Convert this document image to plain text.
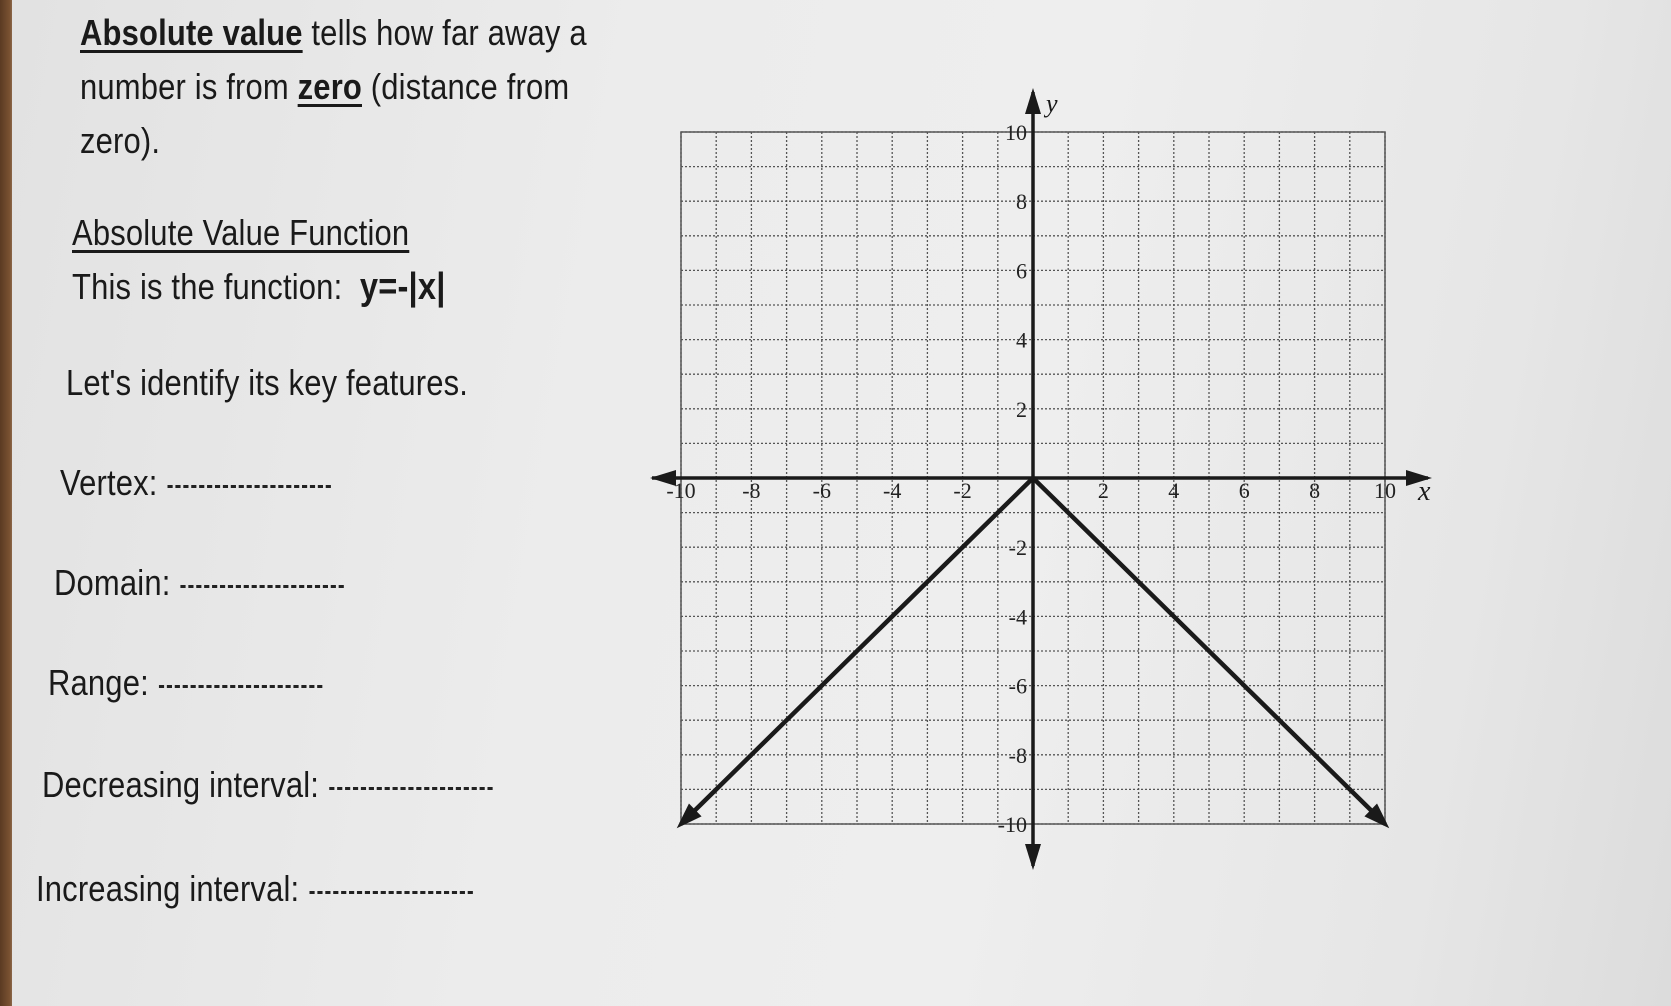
Absolute value tells how far away a
number is from zero (distance from
zero).
Absolute Value Function
This is the function: y=-|x|
Let's identify its key features.
Vertex:
Domain:
Range:
Decreasing interval:
Increasing interval:
x
y
-10 -8 -6 -4 -2	2	4	6	8 10
10
8
6
4
2
-2
-4
-6
-8
-10
